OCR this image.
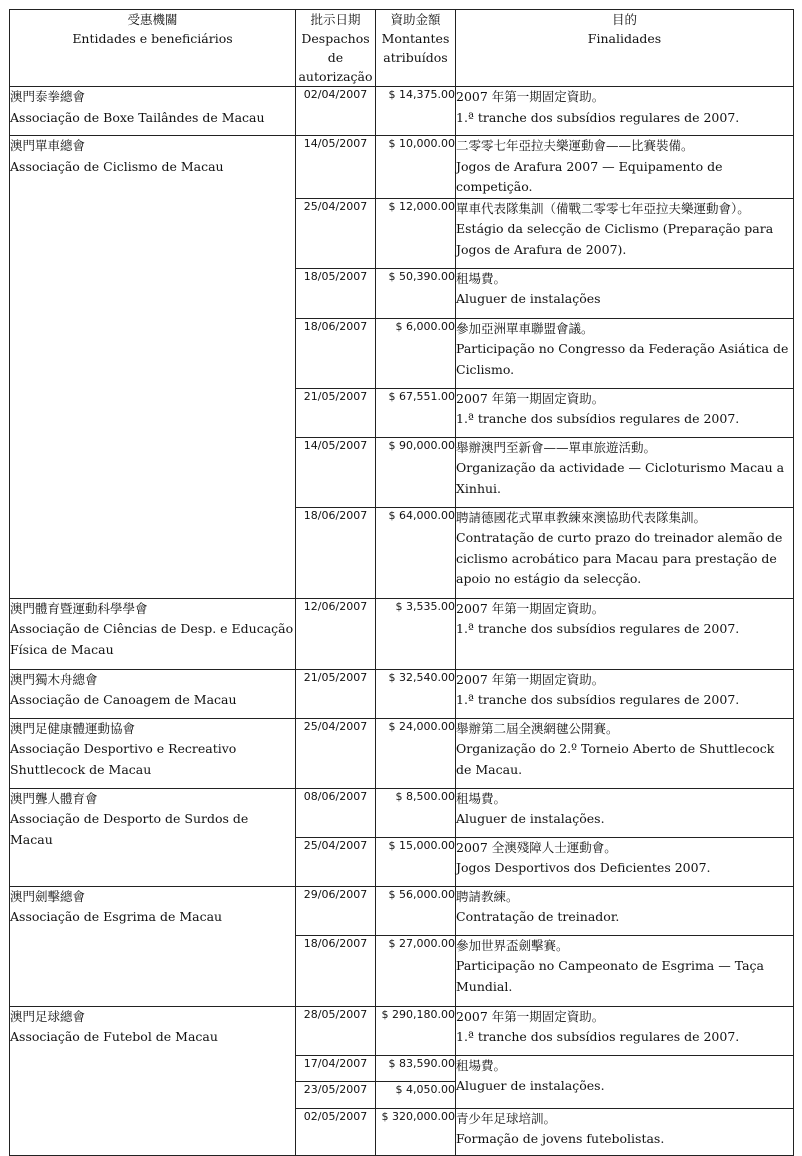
受惠機關
Entidades e beneficiários	批示日期
Despachos de
autorização	資助金額
Montantes
atribuídos	目的
Finalidades

澳門泰拳總會
Associação de Boxe Tailândes de Macau	02/04/2007	$ 14,375.00	2007 年第一期固定資助。
1.ª tranche dos subsídios regulares de 2007.

澳門單車總會
Associação de Ciclismo de Macau	14/05/2007	$ 10,000.00	二零零七年亞拉夫樂運動會——比賽裝備。
Jogos de Arafura 2007 — Equipamento de competição.

	25/04/2007	$ 12,000.00	單車代表隊集訓（備戰二零零七年亞拉夫樂運動會）。
Estágio da selecção de Ciclismo (Preparação para Jogos de Arafura de 2007).

	18/05/2007	$ 50,390.00	租場費。
Aluguer de instalações

	18/06/2007	$ 6,000.00	參加亞洲單車聯盟會議。
Participação no Congresso da Federação Asiática de Ciclismo.

	21/05/2007	$ 67,551.00	2007 年第一期固定資助。
1.ª tranche dos subsídios regulares de 2007.

	14/05/2007	$ 90,000.00	舉辦澳門至新會——單車旅遊活動。
Organização da actividade — Cicloturismo Macau a Xinhui.

	18/06/2007	$ 64,000.00	聘請德國花式單車教練來澳協助代表隊集訓。
Contratação de curto prazo do treinador alemão de ciclismo acrobático para Macau para prestação de apoio no estágio da selecção.

澳門體育暨運動科學學會
Associação de Ciências de Desp. e Educação Física de Macau	12/06/2007	$ 3,535.00	2007 年第一期固定資助。
1.ª tranche dos subsídios regulares de 2007.

澳門獨木舟總會
Associação de Canoagem de Macau	21/05/2007	$ 32,540.00	2007 年第一期固定資助。
1.ª tranche dos subsídios regulares de 2007.

澳門足健康體運動協會
Associação Desportivo e Recreativo Shuttlecock de Macau	25/04/2007	$ 24,000.00	舉辦第二屆全澳網毽公開賽。
Organização do 2.º Torneio Aberto de Shuttlecock de Macau.

澳門聾人體育會
Associação de Desporto de Surdos de Macau	08/06/2007	$ 8,500.00	租場費。
Aluguer de instalações.

	25/04/2007	$ 15,000.00	2007 全澳殘障人士運動會。
Jogos Desportivos dos Deficientes 2007.

澳門劍擊總會
Associação de Esgrima de Macau	29/06/2007	$ 56,000.00	聘請教練。
Contratação de treinador.

	18/06/2007	$ 27,000.00	參加世界盃劍擊賽。
Participação no Campeonato de Esgrima — Taça Mundial.

澳門足球總會
Associação de Futebol de Macau	28/05/2007	$ 290,180.00	2007 年第一期固定資助。
1.ª tranche dos subsídios regulares de 2007.

	17/04/2007	$ 83,590.00	租場費。
Aluguer de instalações.

	23/05/2007	$ 4,050.00	
	02/05/2007	$ 320,000.00	青少年足球培訓。
Formação de jovens futebolistas.
